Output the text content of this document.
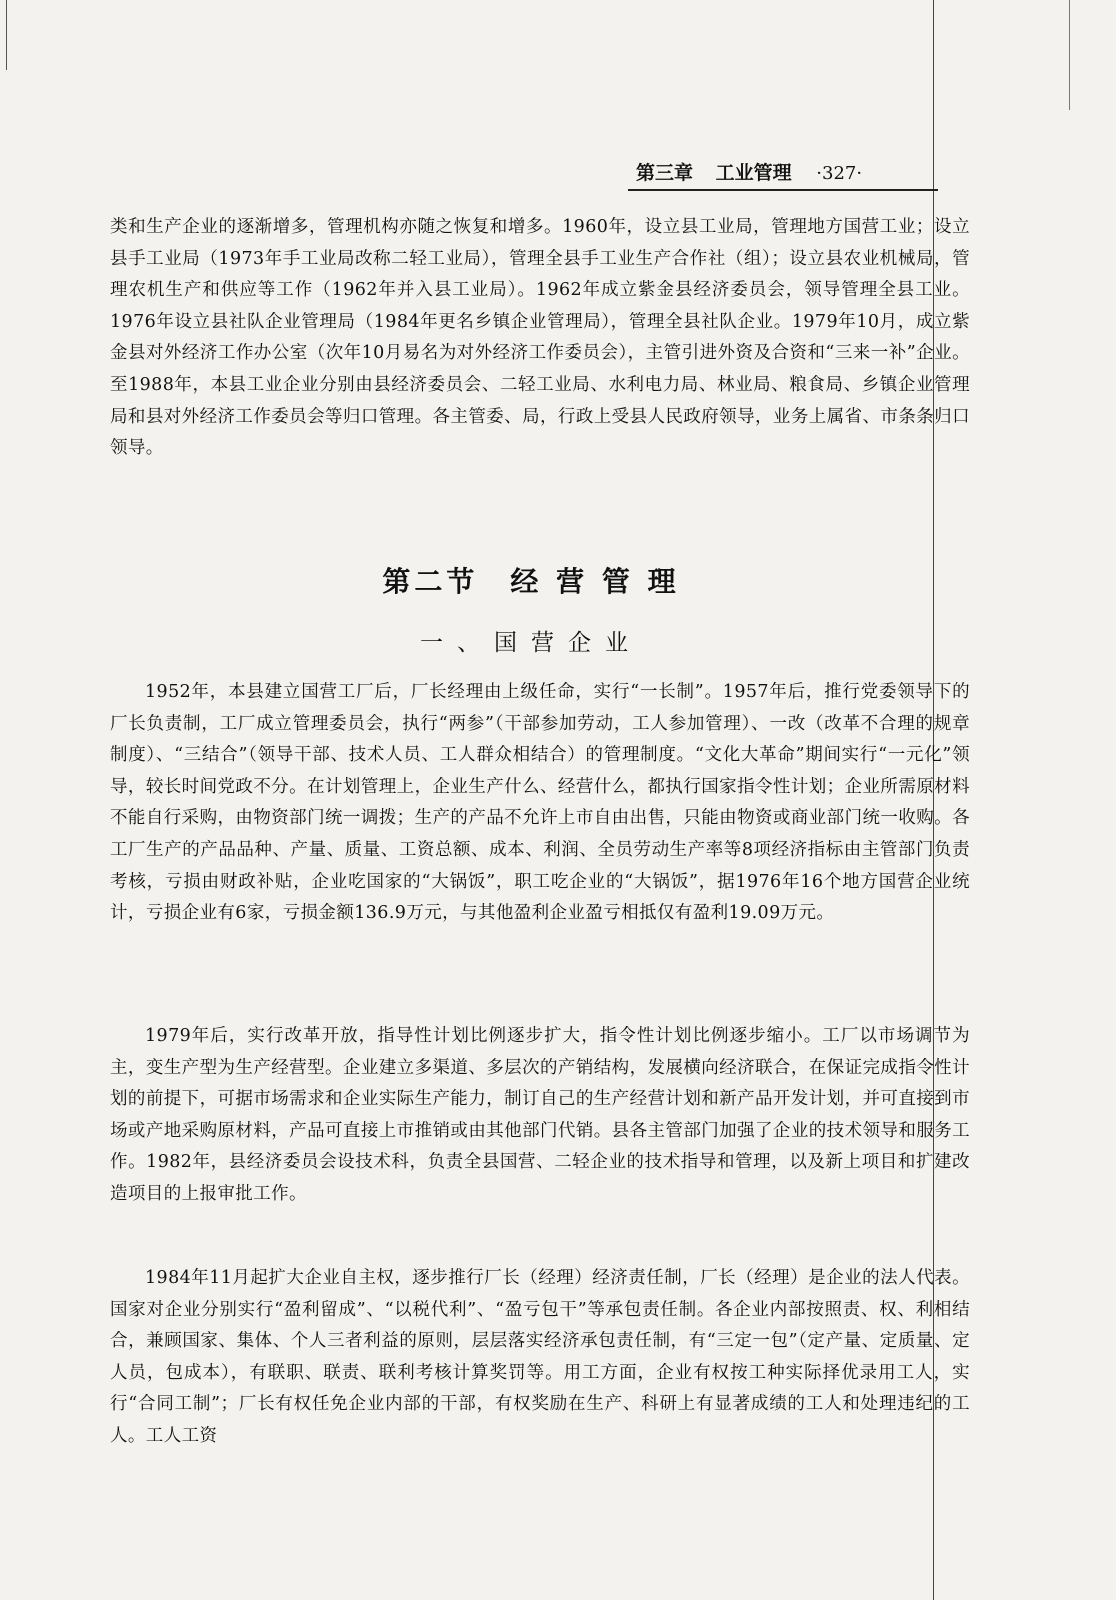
第三章 工业管理 ·327·

类和生产企业的逐渐增多，管理机构亦随之恢复和增多。1960年，设立县工业局，管理地方国营工业；设立县手工业局（1973年手工业局改称二轻工业局），管理全县手工业生产合作社（组）；设立县农业机械局，管理农机生产和供应等工作（1962年并入县工业局）。1962年成立紫金县经济委员会，领导管理全县工业。1976年设立县社队企业管理局（1984年更名乡镇企业管理局），管理全县社队企业。1979年10月，成立紫金县对外经济工作办公室（次年10月易名为对外经济工作委员会），主管引进外资及合资和“三来一补”企业。至1988年，本县工业企业分别由县经济委员会、二轻工业局、水利电力局、林业局、粮食局、乡镇企业管理局和县对外经济工作委员会等归口管理。各主管委、局，行政上受县人民政府领导，业务上属省、市条条归口领导。

第二节　经 营 管 理
一、国营企业

1952年，本县建立国营工厂后，厂长经理由上级任命，实行“一长制”。1957年后，推行党委领导下的厂长负责制，工厂成立管理委员会，执行“两参”（干部参加劳动，工人参加管理）、一改（改革不合理的规章制度）、“三结合”（领导干部、技术人员、工人群众相结合）的管理制度。“文化大革命”期间实行“一元化”领导，较长时间党政不分。在计划管理上，企业生产什么、经营什么，都执行国家指令性计划；企业所需原材料不能自行采购，由物资部门统一调拨；生产的产品不允许上市自由出售，只能由物资或商业部门统一收购。各工厂生产的产品品种、产量、质量、工资总额、成本、利润、全员劳动生产率等8项经济指标由主管部门负责考核，亏损由财政补贴，企业吃国家的“大锅饭”，职工吃企业的“大锅饭”，据1976年16个地方国营企业统计，亏损企业有6家，亏损金额136.9万元，与其他盈利企业盈亏相抵仅有盈利19.09万元。

1979年后，实行改革开放，指导性计划比例逐步扩大，指令性计划比例逐步缩小。工厂以市场调节为主，变生产型为生产经营型。企业建立多渠道、多层次的产销结构，发展横向经济联合，在保证完成指令性计划的前提下，可据市场需求和企业实际生产能力，制订自己的生产经营计划和新产品开发计划，并可直接到市场或产地采购原材料，产品可直接上市推销或由其他部门代销。县各主管部门加强了企业的技术领导和服务工作。1982年，县经济委员会设技术科，负责全县国营、二轻企业的技术指导和管理，以及新上项目和扩建改造项目的上报审批工作。

1984年11月起扩大企业自主权，逐步推行厂长（经理）经济责任制，厂长（经理）是企业的法人代表。国家对企业分别实行“盈利留成”、“以税代利”、“盈亏包干”等承包责任制。各企业内部按照责、权、利相结合，兼顾国家、集体、个人三者利益的原则，层层落实经济承包责任制，有“三定一包”（定产量、定质量、定人员，包成本），有联职、联责、联利考核计算奖罚等。用工方面，企业有权按工种实际择优录用工人，实行“合同工制”；厂长有权任免企业内部的干部，有权奖励在生产、科研上有显著成绩的工人和处理违纪的工人。工人工资
